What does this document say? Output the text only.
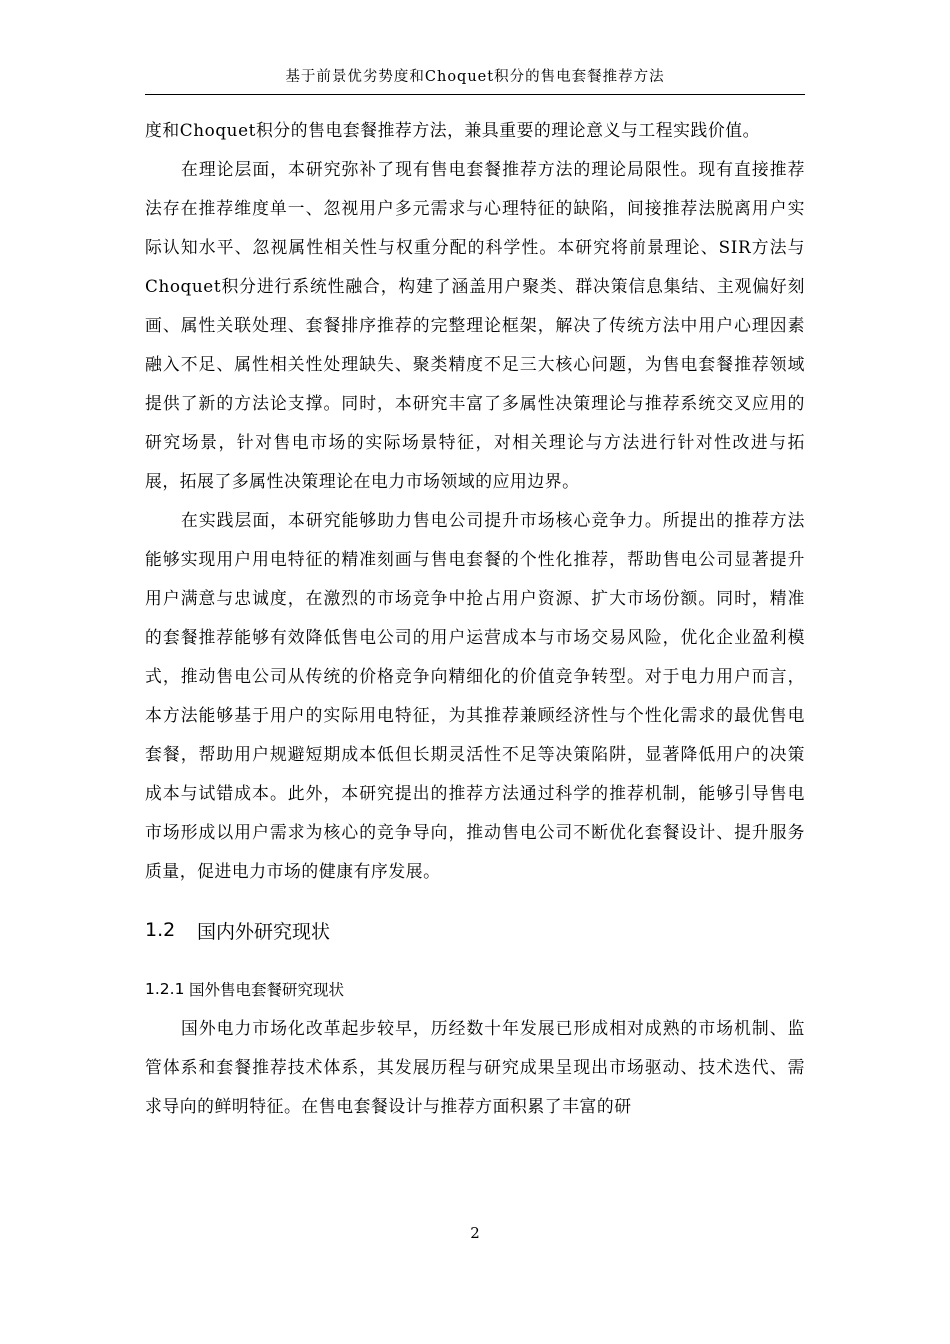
基于前景优劣势度和Choquet积分的售电套餐推荐方法

度和Choquet积分的售电套餐推荐方法，兼具重要的理论意义与工程实践价值。

在理论层面，本研究弥补了现有售电套餐推荐方法的理论局限性。现有直接推荐法存在推荐维度单一、忽视用户多元需求与心理特征的缺陷，间接推荐法脱离用户实际认知水平、忽视属性相关性与权重分配的科学性。本研究将前景理论、SIR方法与Choquet积分进行系统性融合，构建了涵盖用户聚类、群决策信息集结、主观偏好刻画、属性关联处理、套餐排序推荐的完整理论框架，解决了传统方法中用户心理因素融入不足、属性相关性处理缺失、聚类精度不足三大核心问题，为售电套餐推荐领域提供了新的方法论支撑。同时，本研究丰富了多属性决策理论与推荐系统交叉应用的研究场景，针对售电市场的实际场景特征，对相关理论与方法进行针对性改进与拓展，拓展了多属性决策理论在电力市场领域的应用边界。

在实践层面，本研究能够助力售电公司提升市场核心竞争力。所提出的推荐方法能够实现用户用电特征的精准刻画与售电套餐的个性化推荐，帮助售电公司显著提升用户满意与忠诚度，在激烈的市场竞争中抢占用户资源、扩大市场份额。同时，精准的套餐推荐能够有效降低售电公司的用户运营成本与市场交易风险，优化企业盈利模式，推动售电公司从传统的价格竞争向精细化的价值竞争转型。对于电力用户而言，本方法能够基于用户的实际用电特征，为其推荐兼顾经济性与个性化需求的最优售电套餐，帮助用户规避短期成本低但长期灵活性不足等决策陷阱，显著降低用户的决策成本与试错成本。此外，本研究提出的推荐方法通过科学的推荐机制，能够引导售电市场形成以用户需求为核心的竞争导向，推动售电公司不断优化套餐设计、提升服务质量，促进电力市场的健康有序发展。

1.2	国内外研究现状
1.2.1 国外售电套餐研究现状

国外电力市场化改革起步较早，历经数十年发展已形成相对成熟的市场机制、监管体系和套餐推荐技术体系，其发展历程与研究成果呈现出市场驱动、技术迭代、需求导向的鲜明特征。在售电套餐设计与推荐方面积累了丰富的研

2
